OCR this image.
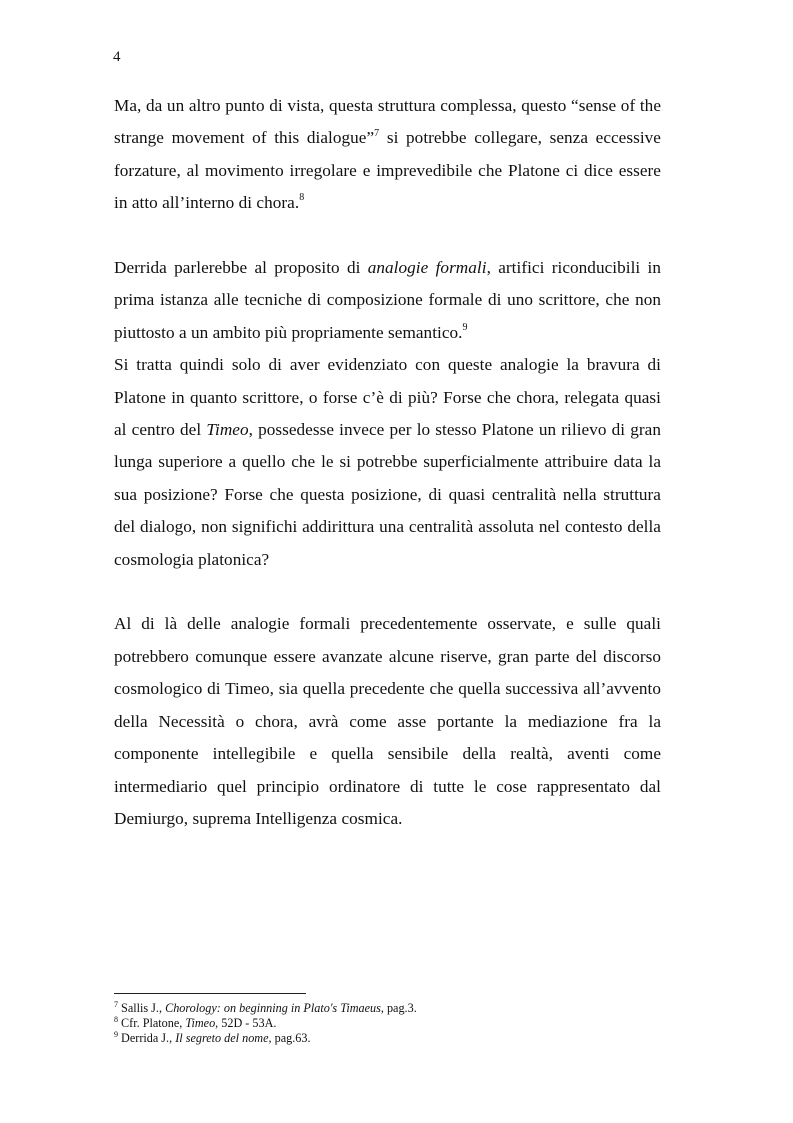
4

Ma, da un altro punto di vista, questa struttura complessa, questo “sense of the strange movement of this dialogue”$^7$ si potrebbe collegare, senza eccessive forzature, al movimento irregolare e imprevedibile che Platone ci dice essere in atto all’interno di chora.$^8$

Derrida parlerebbe al proposito di analogie formali, artifici riconducibili in prima istanza alle tecniche di composizione formale di uno scrittore, che non piuttosto a un ambito più propriamente semantico.$^9$

Si tratta quindi solo di aver evidenziato con queste analogie la bravura di Platone in quanto scrittore, o forse c’è di più? Forse che chora, relegata quasi al centro del Timeo, possedesse invece per lo stesso Platone un rilievo di gran lunga superiore a quello che le si potrebbe superficialmente attribuire data la sua posizione? Forse che questa posizione, di quasi centralità nella struttura del dialogo, non significhi addirittura una centralità assoluta nel contesto della cosmologia platonica?

Al di là delle analogie formali precedentemente osservate, e sulle quali potrebbero comunque essere avanzate alcune riserve, gran parte del discorso cosmologico di Timeo, sia quella precedente che quella successiva all’avvento della Necessità o chora, avrà come asse portante la mediazione fra la componente intellegibile e quella sensibile della realtà, aventi come intermediario quel principio ordinatore di tutte le cose rappresentato dal Demiurgo, suprema Intelligenza cosmica.

$^7$ Sallis J., Chorology: on beginning in Plato's Timaeus, pag.3.

$^8$ Cfr. Platone, Timeo, 52D - 53A.

$^9$ Derrida J., Il segreto del nome, pag.63.
